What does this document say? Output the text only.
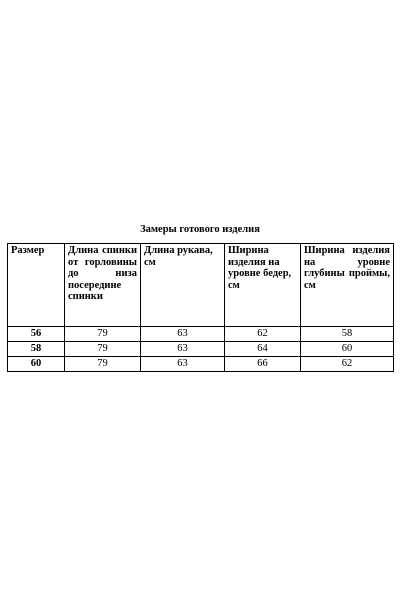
Замеры готового изделия
Размер	Длина спинки от горловины до низа посередине спинки	Длина рукава, см	Ширина изделия на уровне бедер, см	Ширина изделия на уровне глубины проймы, см
56	79	63	62	58
58	79	63	64	60
60	79	63	66	62
